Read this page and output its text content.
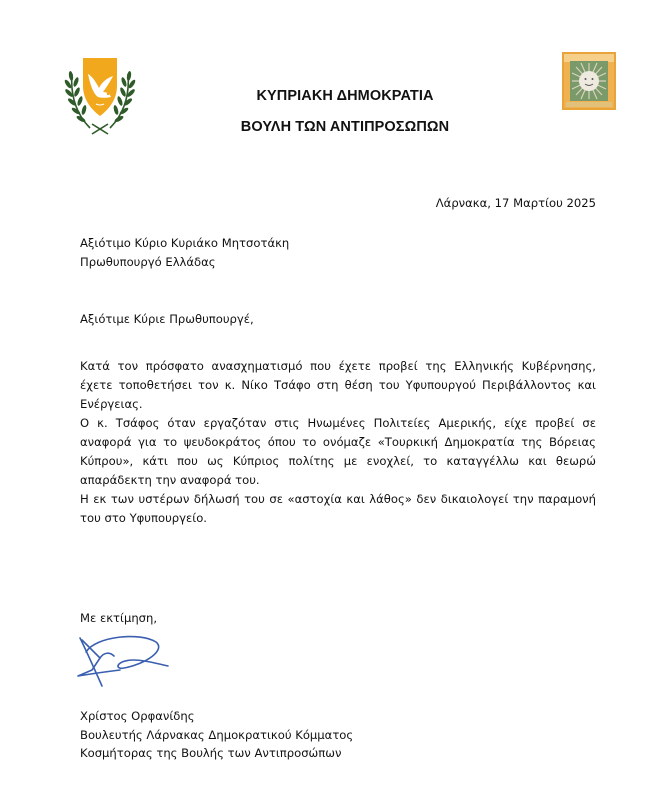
ΚΥΠΡΙΑΚΗ ΔΗΜΟΚΡΑΤΙΑ
ΒΟΥΛΗ ΤΩΝ ΑΝΤΙΠΡΟΣΩΠΩΝ
Λάρνακα, 17 Μαρτίου 2025
Αξιότιμο Κύριο Κυριάκο Μητσοτάκη
Πρωθυπουργό Ελλάδας
Αξιότιμε Κύριε Πρωθυπουργέ,
Κατά τον πρόσφατο ανασχηματισμό που έχετε προβεί της Ελληνικής Κυβέρνησης, έχετε τοποθετήσει τον κ. Νίκο Τσάφο στη θέση του Υφυπουργού Περιβάλλοντος και Ενέργειας.
Ο κ. Τσάφος όταν εργαζόταν στις Ηνωμένες Πολιτείες Αμερικής, είχε προβεί σε αναφορά για το ψευδοκράτος όπου το ονόμαζε «Τουρκική Δημοκρατία της Βόρειας Κύπρου», κάτι που ως Κύπριος πολίτης με ενοχλεί, το καταγγέλλω και θεωρώ απαράδεκτη την αναφορά του.
Η εκ των υστέρων δήλωσή του σε «αστοχία και λάθος» δεν δικαιολογεί την παραμονή του στο Υφυπουργείο.
Με εκτίμηση,
Χρίστος Ορφανίδης
Βουλευτής Λάρνακας Δημοκρατικού Κόμματος
Κοσμήτορας της Βουλής των Αντιπροσώπων
